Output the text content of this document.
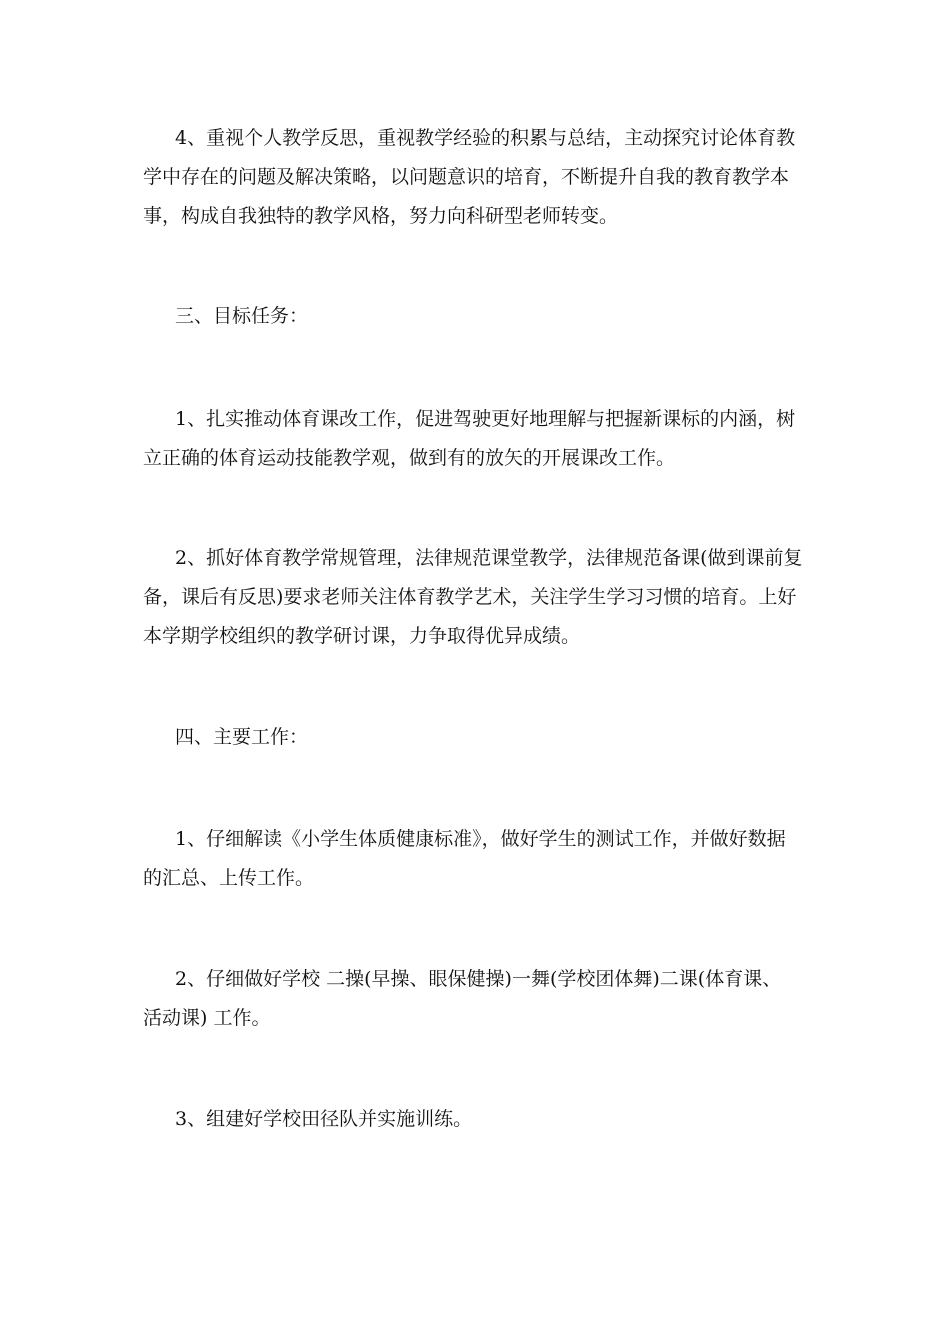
4、重视个人教学反思，重视教学经验的积累与总结，主动探究讨论体育教
学中存在的问题及解决策略，以问题意识的培育，不断提升自我的教育教学本
事，构成自我独特的教学风格，努力向科研型老师转变。

三、目标任务：

1、扎实推动体育课改工作，促进驾驶更好地理解与把握新课标的内涵，树
立正确的体育运动技能教学观，做到有的放矢的开展课改工作。

2、抓好体育教学常规管理，法律规范课堂教学，法律规范备课(做到课前复
备，课后有反思)要求老师关注体育教学艺术，关注学生学习习惯的培育。上好
本学期学校组织的教学研讨课，力争取得优异成绩。

四、主要工作：

1、仔细解读《小学生体质健康标准》，做好学生的测试工作，并做好数据
的汇总、上传工作。

2、仔细做好学校 二操(早操、眼保健操)一舞(学校团体舞)二课(体育课、
活动课) 工作。

3、组建好学校田径队并实施训练。
